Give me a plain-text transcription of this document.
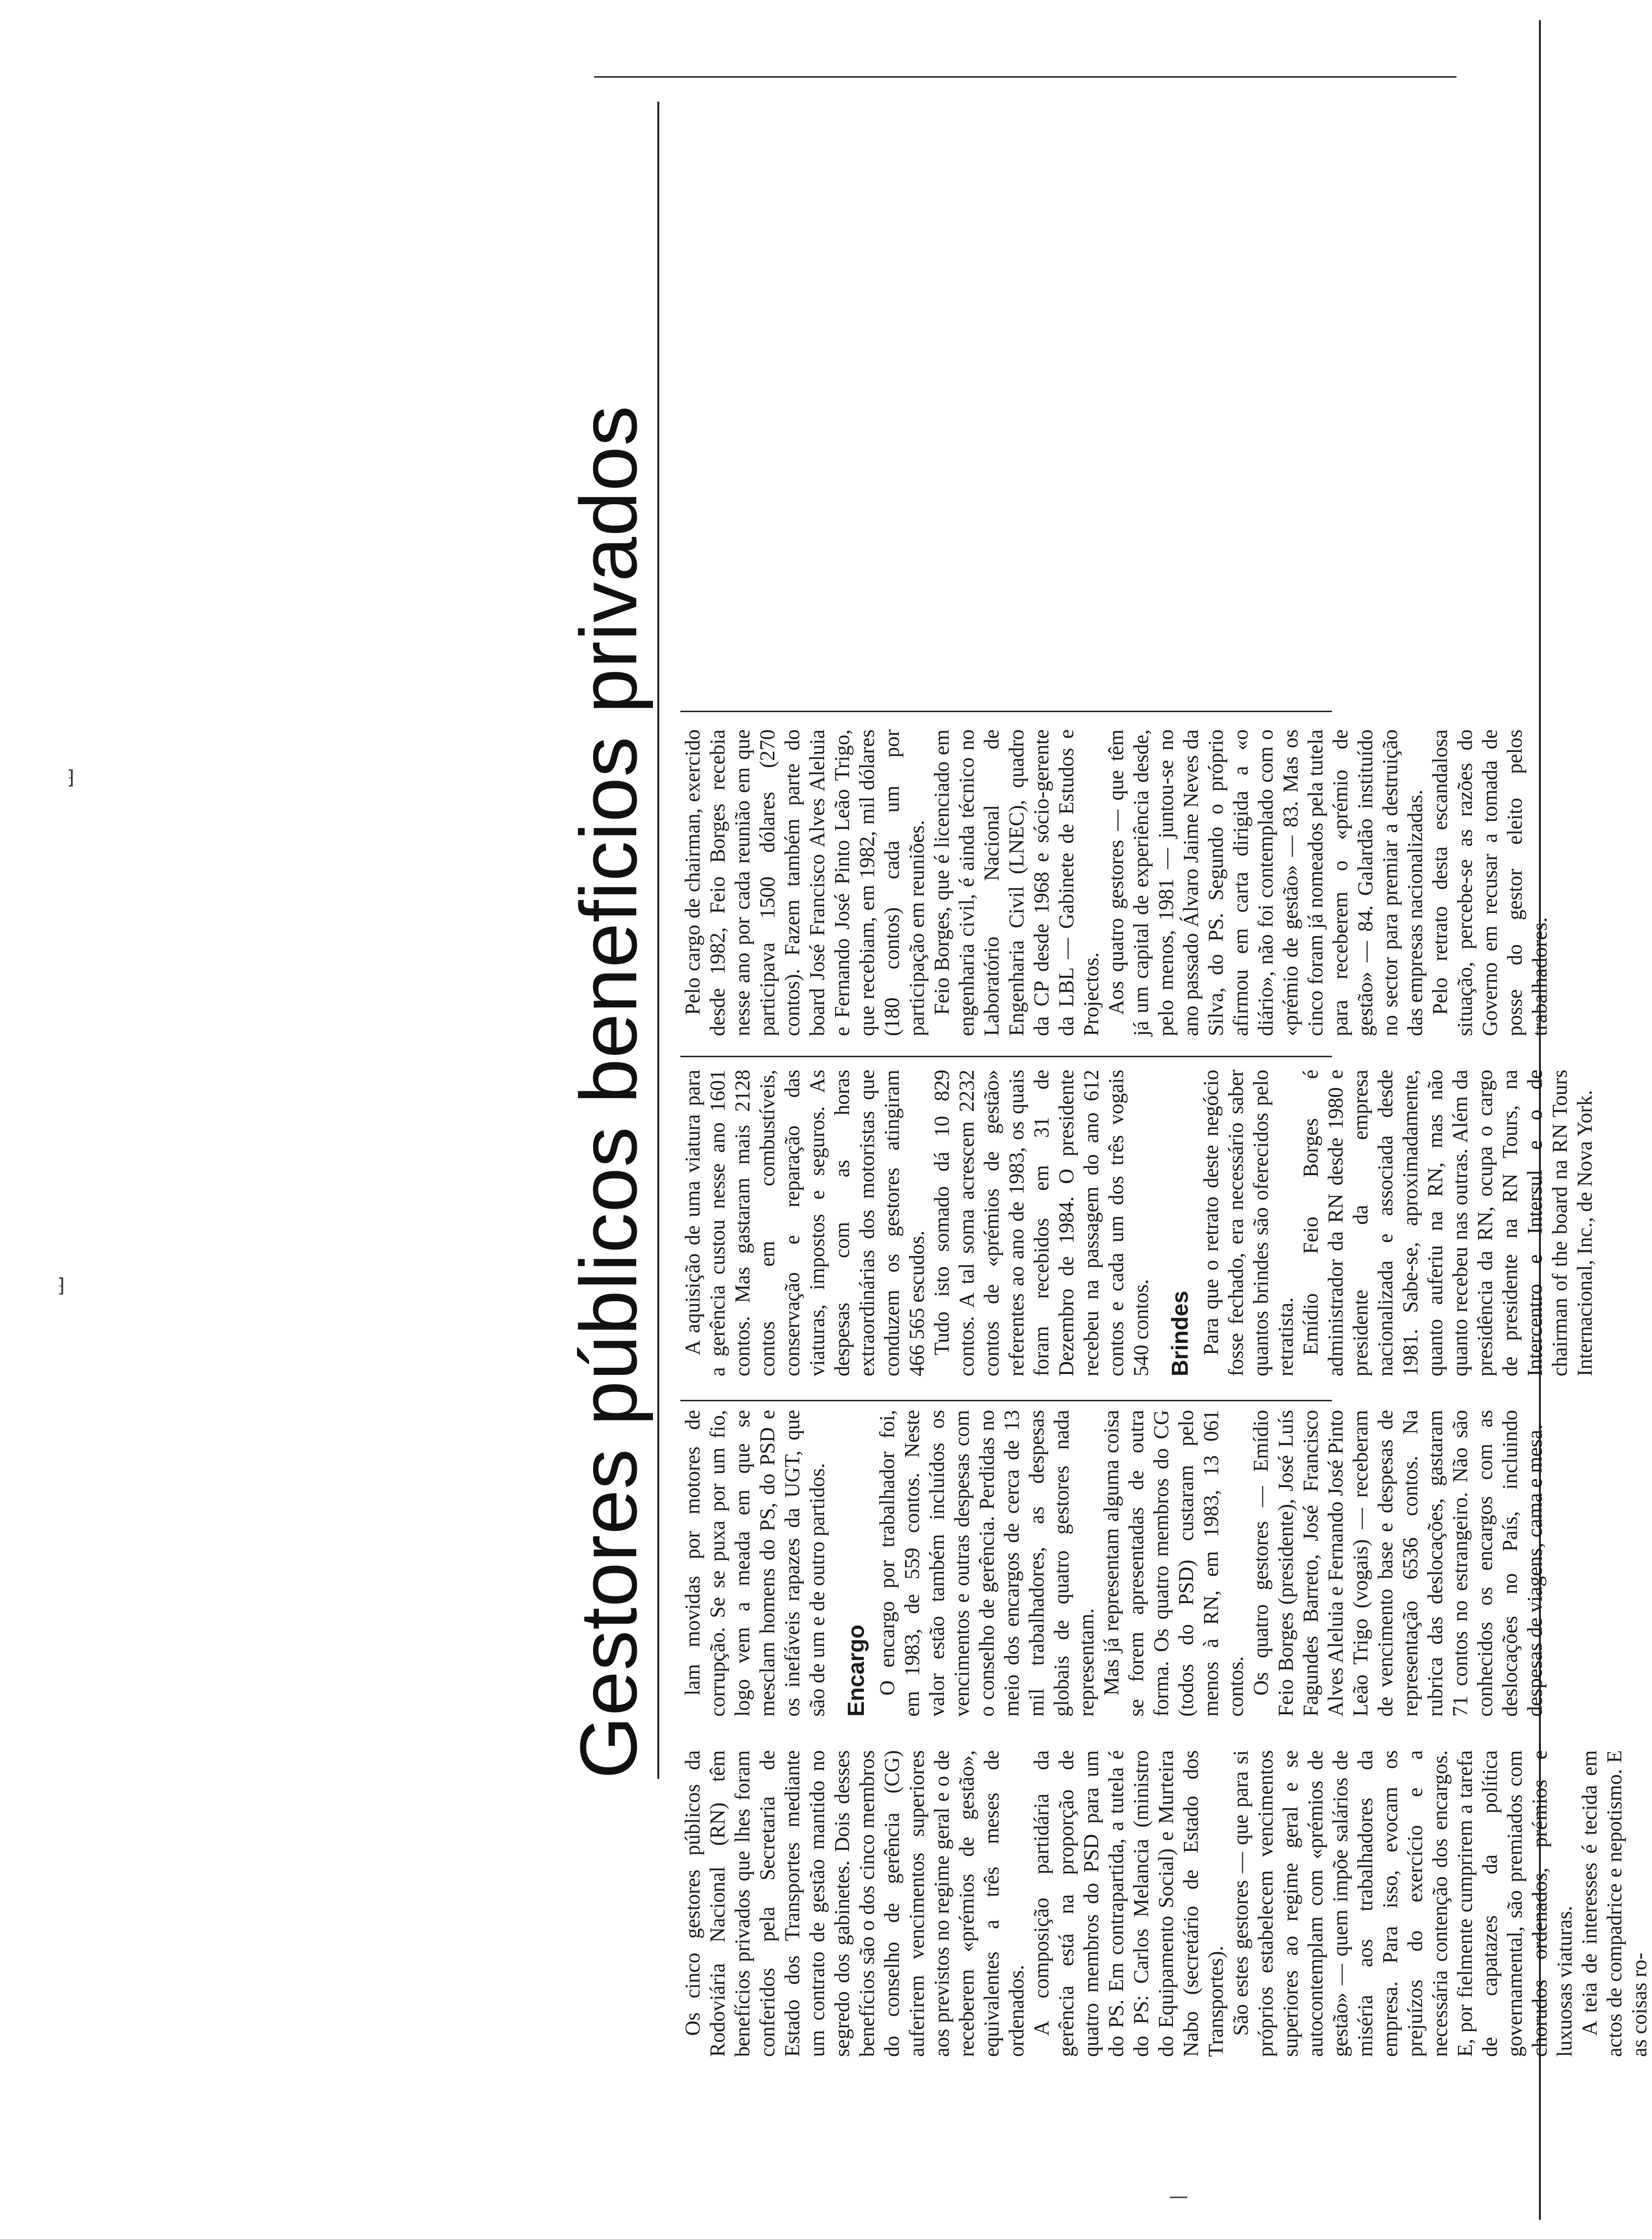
Gestores públicos beneficios privados

Os cinco gestores públicos da Rodoviária Nacional (RN) têm benefícios privados que lhes foram conferidos pela Secretaria de Estado dos Transportes mediante um contrato de gestão mantido no segredo dos gabinetes. Dois desses benefícios são o dos cinco membros do conselho de gerência (CG) auferirem vencimentos superiores aos previstos no regime geral e o de receberem «prémios de gestão», equivalentes a três meses de ordenados. A composição partidária da gerência está na proporção de quatro membros do PSD para um do PS. Em contrapartida, a tutela é do PS: Carlos Melancia (ministro do Equipamento Social) e Murteira Nabo (secretário de Estado dos Transportes). São estes gestores — que para si próprios estabelecem vencimentos superiores ao regime geral e se autocontemplam com «prémios de gestão» — quem impõe salários de miséria aos trabalhadores da empresa. Para isso, evocam os prejuízos do exercício e a necessária contenção dos encargos. E, por fielmente cumprirem a tarefa de capatazes da política governamental, são premiados com chorudos ordenados, prémios e luxuosas viaturas. A teia de interesses é tecida em actos de compadrice e nepotismo. E as coisas ro-

lam movidas por motores de corrupção. Se se puxa por um fio, logo vem a meada em que se mesclam homens do PS, do PSD e os inefáveis rapazes da UGT, que são de um e de outro partidos. Encargo O encargo por trabalhador foi, em 1983, de 559 contos. Neste valor estão também incluídos os vencimentos e outras despesas com o conselho de gerência. Perdidas no meio dos encargos de cerca de 13 mil trabalhadores, as despesas globais de quatro gestores nada representam. Mas já representam alguma coisa se forem apresentadas de outra forma. Os quatro membros do CG (todos do PSD) custaram pelo menos à RN, em 1983, 13 061 contos. Os quatro gestores — Emídio Feio Borges (presidente), José Luís Fagundes Barreto, José Francisco Alves Aleluia e Fernando José Pinto Leão Trigo (vogais) — receberam de vencimento base e despesas de representação 6536 contos. Na rubrica das deslocações, gastaram 71 contos no estrangeiro. Não são conhecidos os encargos com as deslocações no País, incluindo despesas de viagens, cama e mesa.

A aquisição de uma viatura para a gerência custou nesse ano 1601 contos. Mas gastaram mais 2128 contos em combustíveis, conservação e reparação das viaturas, impostos e seguros. As despesas com as horas extraordinárias dos motoristas que conduzem os gestores atingiram 466 565 escudos. Tudo isto somado dá 10 829 contos. A tal soma acrescem 2232 contos de «prémios de gestão» referentes ao ano de 1983, os quais foram recebidos em 31 de Dezembro de 1984. O presidente recebeu na passagem do ano 612 contos e cada um dos três vogais 540 contos. Brindes Para que o retrato deste negócio fosse fechado, era necessário saber quantos brindes são oferecidos pelo retratista. Emídio Feio Borges é administrador da RN desde 1980 e presidente da empresa nacionalizada e associada desde 1981. Sabe-se, aproximadamente, quanto auferiu na RN, mas não quanto recebeu nas outras. Além da presidência da RN, ocupa o cargo de presidente na RN Tours, na Intercentro e Intersul e o de chairman of the board na RN Tours Internacional, Inc., de Nova York.

Pelo cargo de chairman, exercido desde 1982, Feio Borges recebia nesse ano por cada reunião em que participava 1500 dólares (270 contos). Fazem também parte do board José Francisco Alves Aleluia e Fernando José Pinto Leão Trigo, que recebiam, em 1982, mil dólares (180 contos) cada um por participação em reuniões. Feio Borges, que é licenciado em engenharia civil, é ainda técnico no Laboratório Nacional de Engenharia Civil (LNEC), quadro da CP desde 1968 e sócio-gerente da LBL — Gabinete de Estudos e Projectos. Aos quatro gestores — que têm já um capital de experiência desde, pelo menos, 1981 — juntou-se no ano passado Álvaro Jaime Neves da Silva, do PS. Segundo o próprio afirmou em carta dirigida a «o diário», não foi contemplado com o «prémio de gestão» — 83. Mas os cinco foram já nomeados pela tutela para receberem o «prémio de gestão» — 84. Galardão instituído no sector para premiar a destruição das empresas nacionalizadas. Pelo retrato desta escandalosa situação, percebe-se as razões do Governo em recusar a tomada de posse do gestor eleito pelos trabalhadores.

⁆
⁆
—
